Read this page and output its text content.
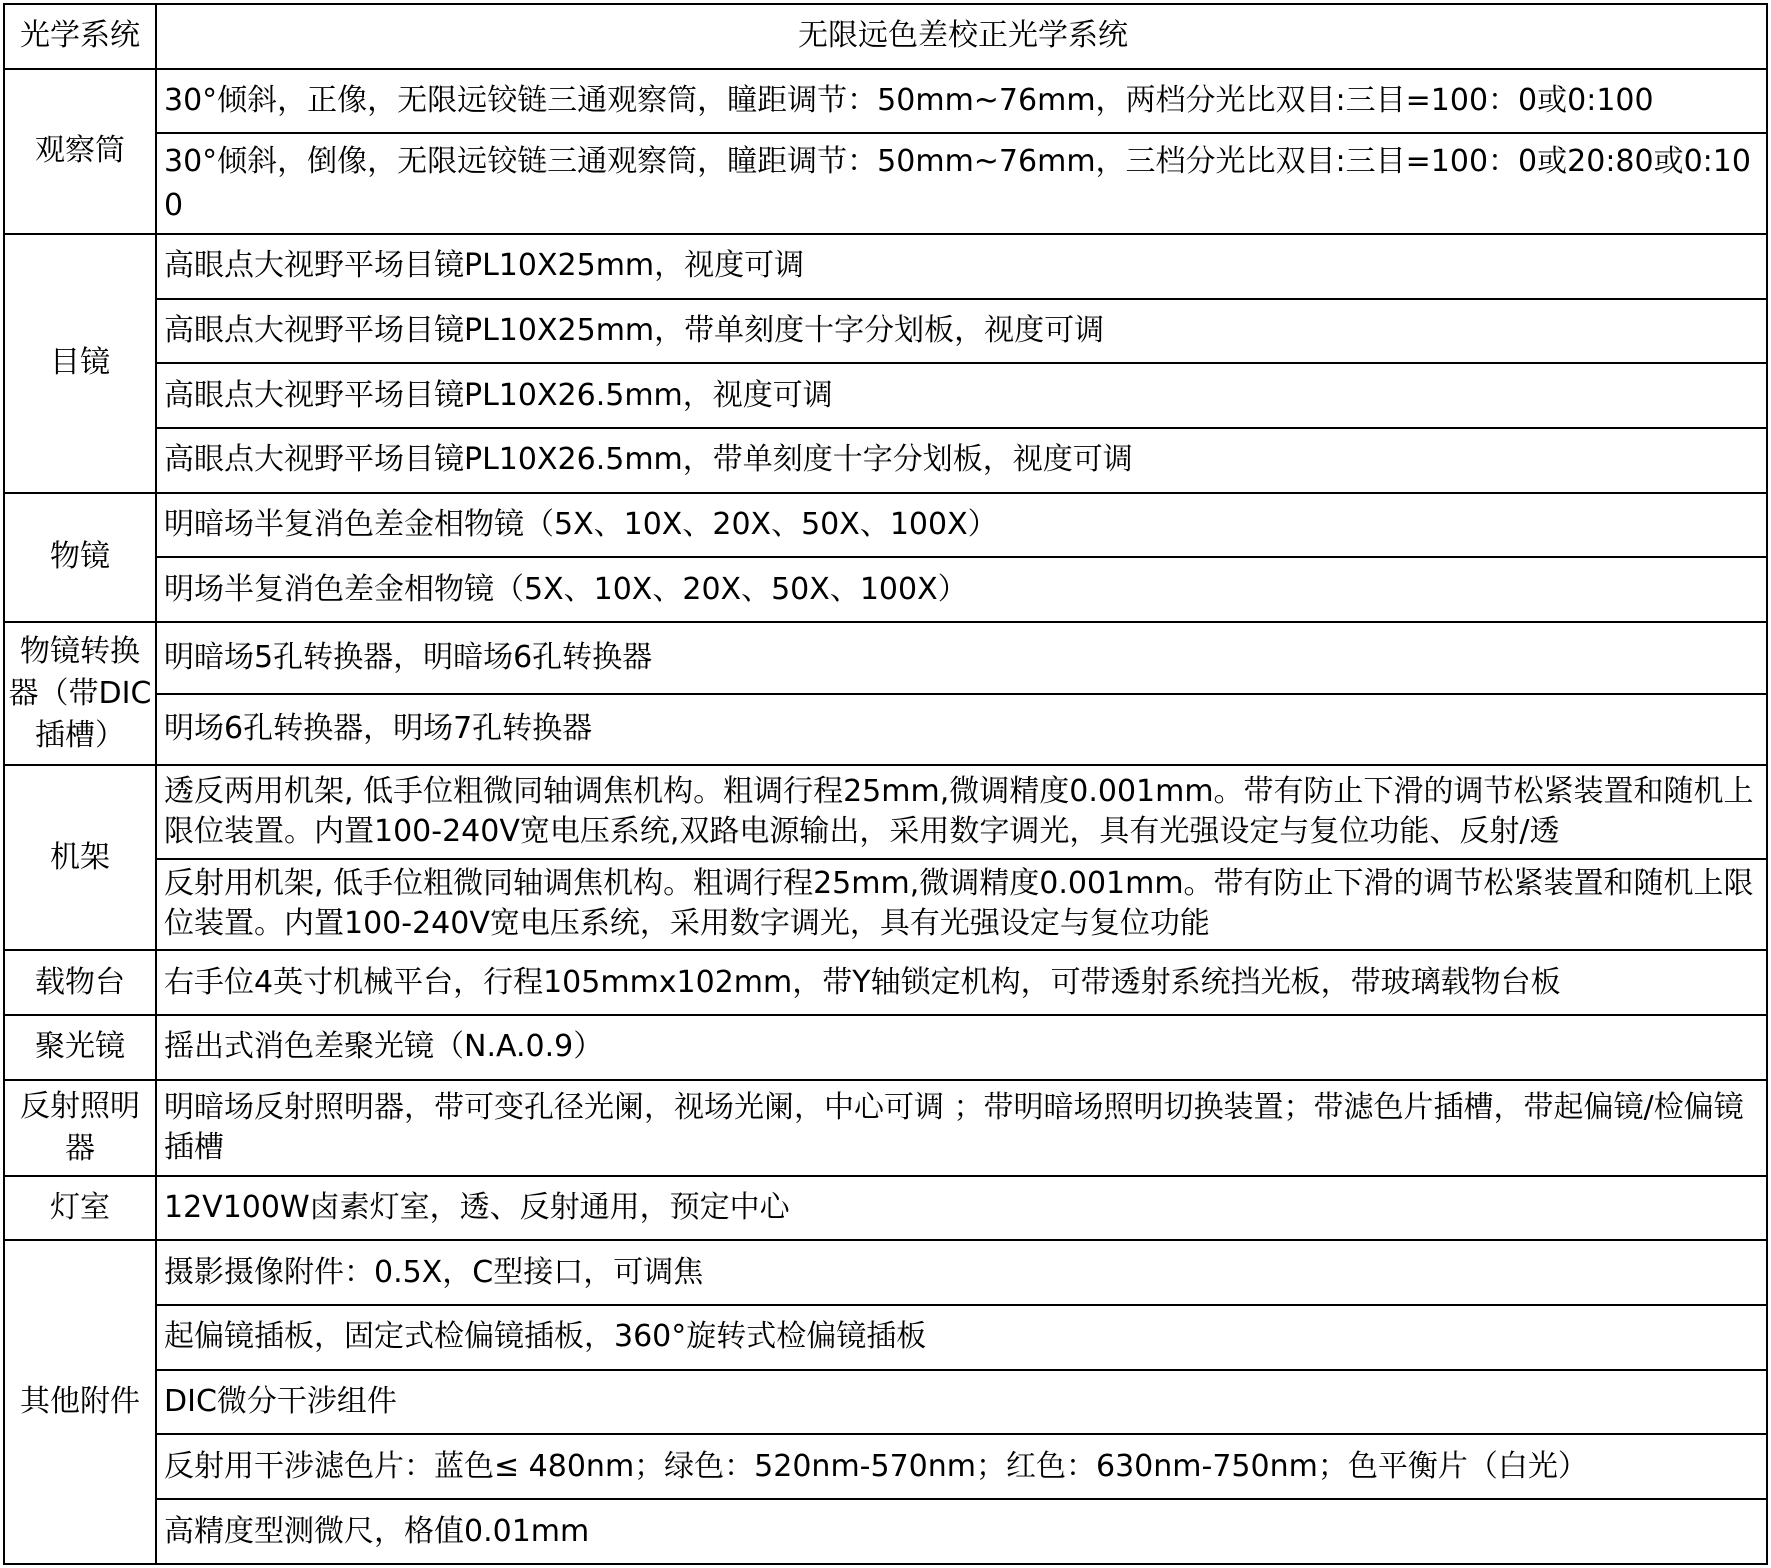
光学系统	无限远色差校正光学系统
观察筒	30°倾斜，正像，无限远铰链三通观察筒，瞳距调节：50mm~76mm，两档分光比双目:三目=100：0或0:100
	30°倾斜，倒像，无限远铰链三通观察筒，瞳距调节：50mm~76mm，三档分光比双目:三目=100：0或20:80或0:100
目镜	高眼点大视野平场目镜PL10X25mm，视度可调
	高眼点大视野平场目镜PL10X25mm，带单刻度十字分划板，视度可调
	高眼点大视野平场目镜PL10X26.5mm，视度可调
	高眼点大视野平场目镜PL10X26.5mm，带单刻度十字分划板，视度可调
物镜	明暗场半复消色差金相物镜（5X、10X、20X、50X、100X）
	明场半复消色差金相物镜（5X、10X、20X、50X、100X）
物镜转换器（带DIC插槽）	明暗场5孔转换器，明暗场6孔转换器
	明场6孔转换器，明场7孔转换器
机架	透反两用机架, 低手位粗微同轴调焦机构。粗调行程25mm,微调精度0.001mm。带有防止下滑的调节松紧装置和随机上限位装置。内置100-240V宽电压系统,双路电源输出，采用数字调光，具有光强设定与复位功能、反射/透
	反射用机架, 低手位粗微同轴调焦机构。粗调行程25mm,微调精度0.001mm。带有防止下滑的调节松紧装置和随机上限位装置。内置100-240V宽电压系统，采用数字调光，具有光强设定与复位功能
载物台	右手位4英寸机械平台，行程105mmx102mm，带Y轴锁定机构，可带透射系统挡光板，带玻璃载物台板
聚光镜	摇出式消色差聚光镜（N.A.0.9）
反射照明器	明暗场反射照明器，带可变孔径光阑，视场光阑，中心可调 ；带明暗场照明切换装置；带滤色片插槽，带起偏镜/检偏镜插槽
灯室	12V100W卤素灯室，透、反射通用，预定中心
其他附件	摄影摄像附件：0.5X，C型接口，可调焦
	起偏镜插板，固定式检偏镜插板，360°旋转式检偏镜插板
	DIC微分干涉组件
	反射用干涉滤色片：蓝色≤ 480nm；绿色：520nm-570nm；红色：630nm-750nm；色平衡片（白光）
	高精度型测微尺，格值0.01mm
